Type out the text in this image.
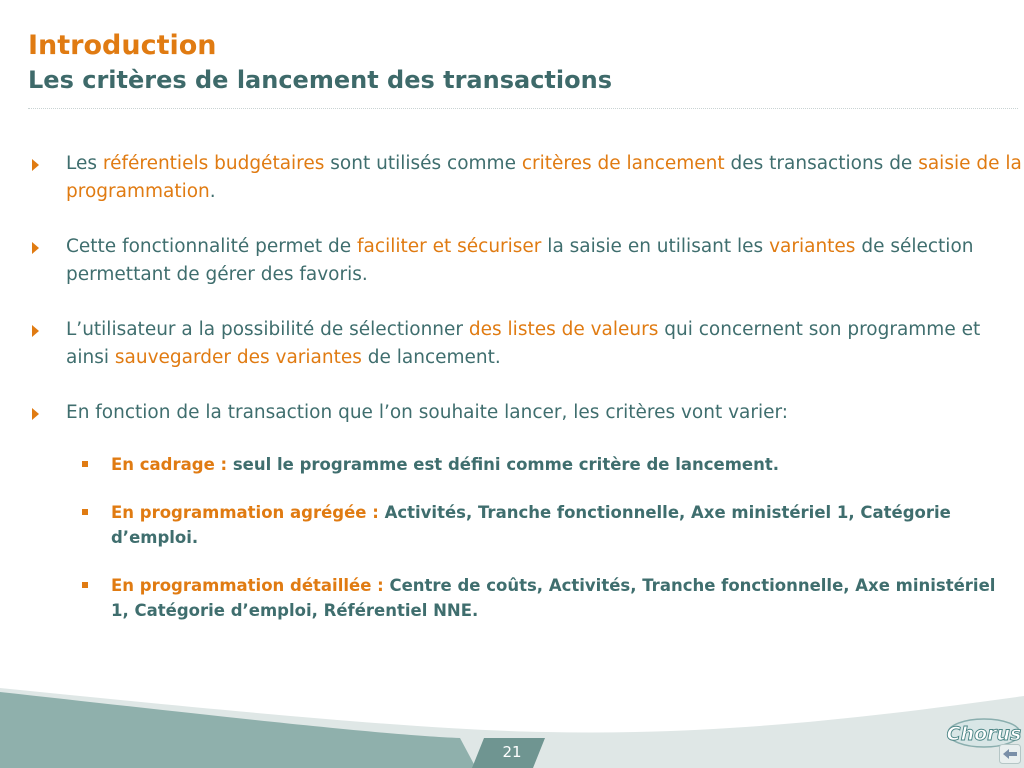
Introduction
Les critères de lancement des transactions
Les référentiels budgétaires sont utilisés comme critères de lancement des transactions de saisie de la programmation.
Cette fonctionnalité permet de faciliter et sécuriser la saisie en utilisant les variantes de sélection permettant de gérer des favoris.
L’utilisateur a la possibilité de sélectionner des listes de valeurs qui concernent son programme et ainsi sauvegarder des variantes de lancement.
En fonction de la transaction que l’on souhaite lancer, les critères vont varier:
En cadrage : seul le programme est défini comme critère de lancement.
En programmation agrégée : Activités, Tranche fonctionnelle, Axe ministériel 1, Catégorie d’emploi.
En programmation détaillée : Centre de coûts, Activités, Tranche fonctionnelle, Axe ministériel 1, Catégorie d’emploi, Référentiel NNE.
21
Chorus
